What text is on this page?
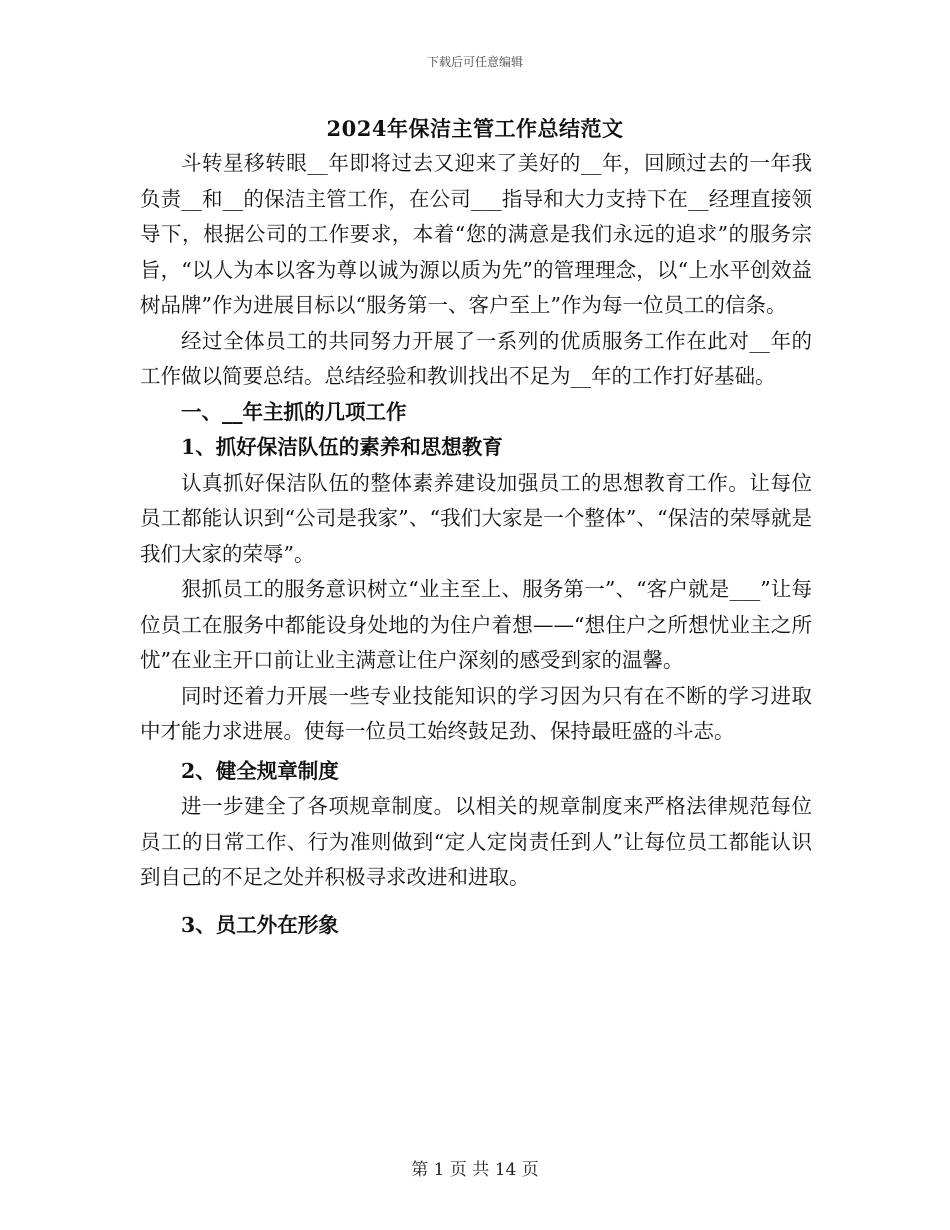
下载后可任意编辑
2024年保洁主管工作总结范文

斗转星移转眼__年即将过去又迎来了美好的__年，回顾过去的一年我负责__和__的保洁主管工作，在公司___指导和大力支持下在__经理直接领导下，根据公司的工作要求，本着“您的满意是我们永远的追求”的服务宗旨，“以人为本以客为尊以诚为源以质为先”的管理理念，以“上水平创效益树品牌”作为进展目标以“服务第一、客户至上”作为每一位员工的信条。

经过全体员工的共同努力开展了一系列的优质服务工作在此对__年的工作做以简要总结。总结经验和教训找出不足为__年的工作打好基础。

一、__年主抓的几项工作

1、抓好保洁队伍的素养和思想教育

认真抓好保洁队伍的整体素养建设加强员工的思想教育工作。让每位员工都能认识到“公司是我家”、“我们大家是一个整体”、“保洁的荣辱就是我们大家的荣辱”。

狠抓员工的服务意识树立“业主至上、服务第一”、“客户就是___”让每位员工在服务中都能设身处地的为住户着想——“想住户之所想忧业主之所忧”在业主开口前让业主满意让住户深刻的感受到家的温馨。

同时还着力开展一些专业技能知识的学习因为只有在不断的学习进取中才能力求进展。使每一位员工始终鼓足劲、保持最旺盛的斗志。

2、健全规章制度

进一步建全了各项规章制度。以相关的规章制度来严格法律规范每位员工的日常工作、行为准则做到“定人定岗责任到人”让每位员工都能认识到自己的不足之处并积极寻求改进和进取。

3、员工外在形象

第 1 页 共 14 页
